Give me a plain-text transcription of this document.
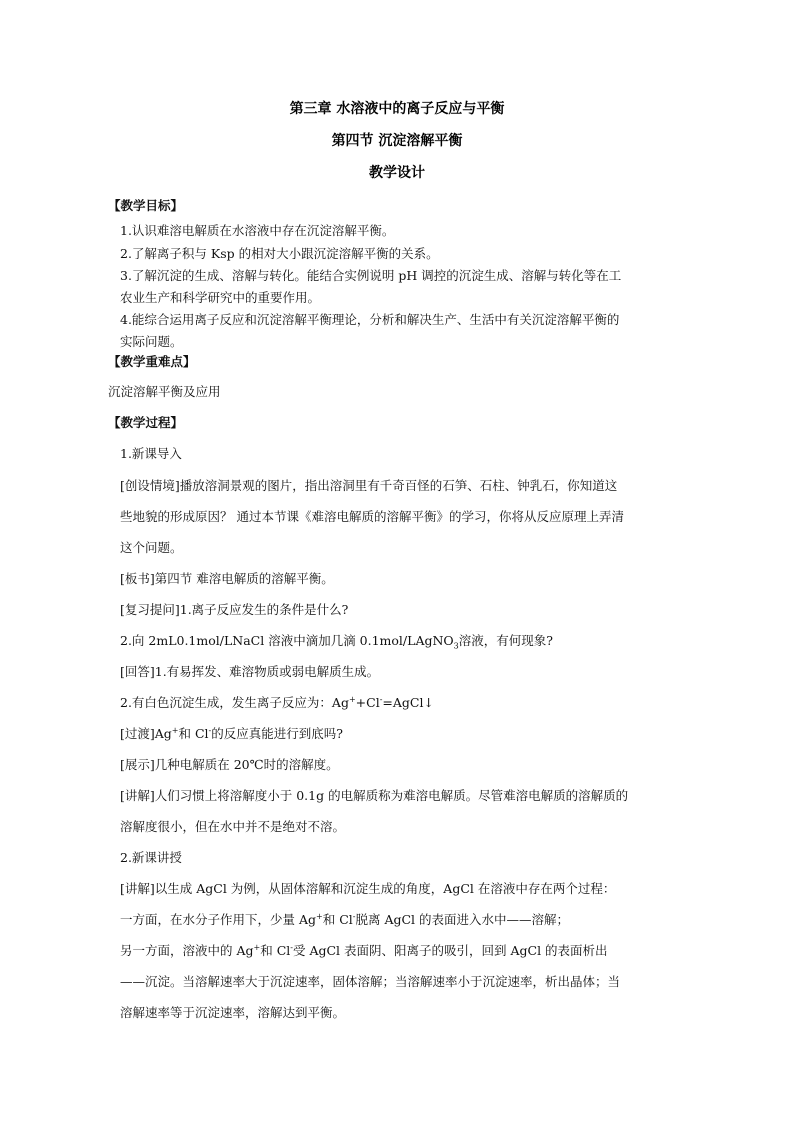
第三章 水溶液中的离子反应与平衡
第四节 沉淀溶解平衡
教学设计
【教学目标】
1.认识难溶电解质在水溶液中存在沉淀溶解平衡。
2.了解离子积与 Ksp 的相对大小跟沉淀溶解平衡的关系。
3.了解沉淀的生成、溶解与转化。能结合实例说明 pH 调控的沉淀生成、溶解与转化等在工
农业生产和科学研究中的重要作用。
4.能综合运用离子反应和沉淀溶解平衡理论，分析和解决生产、生活中有关沉淀溶解平衡的
实际问题。
【教学重难点】
沉淀溶解平衡及应用
【教学过程】
1.新课导入
[创设情境]播放溶洞景观的图片，指出溶洞里有千奇百怪的石笋、石柱、钟乳石，你知道这
些地貌的形成原因？ 通过本节课《难溶电解质的溶解平衡》的学习，你将从反应原理上弄清
这个问题。
[板书]第四节 难溶电解质的溶解平衡。
[复习提问]1.离子反应发生的条件是什么?
2.向 2mL0.1mol/LNaCl 溶液中滴加几滴 0.1mol/LAgNO$_3$溶液，有何现象?
[回答]1.有易挥发、难溶物质或弱电解质生成。
2.有白色沉淀生成，发生离子反应为：Ag++Cl-=AgCl↓
[过渡]Ag+和 Cl-的反应真能进行到底吗?
[展示]几种电解质在 20℃时的溶解度。
[讲解]人们习惯上将溶解度小于 0.1g 的电解质称为难溶电解质。尽管难溶电解质的溶解质的
溶解度很小，但在水中并不是绝对不溶。
2.新课讲授
[讲解]以生成 AgCl 为例，从固体溶解和沉淀生成的角度，AgCl 在溶液中存在两个过程：
一方面，在水分子作用下，少量 Ag+和 Cl-脱离 AgCl 的表面进入水中——溶解；
另一方面，溶液中的 Ag+和 Cl-受 AgCl 表面阴、阳离子的吸引，回到 AgCl 的表面析出
——沉淀。当溶解速率大于沉淀速率，固体溶解；当溶解速率小于沉淀速率，析出晶体；当
溶解速率等于沉淀速率，溶解达到平衡。
